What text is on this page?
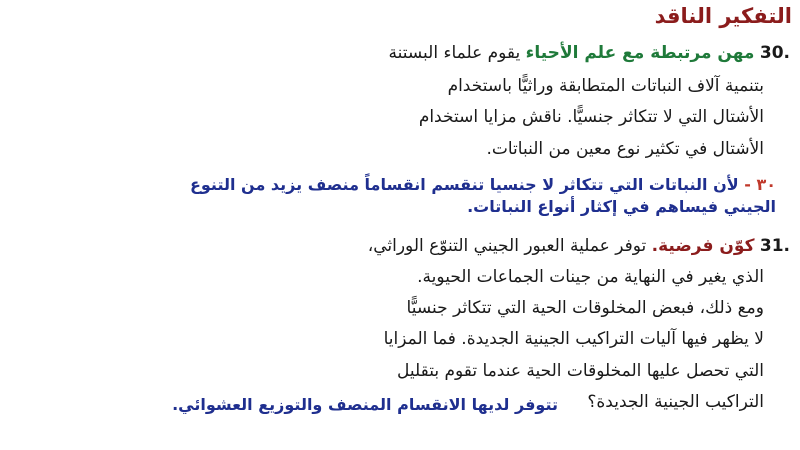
التفكير الناقد
30. مهن مرتبطة مع علم الأحياء يقوم علماء البستنة
بتنمية آلاف النباتات المتطابقة وراثيًّا باستخدام
الأشتال التي لا تتكاثر جنسيًّا. ناقش مزايا استخدام
الأشتال في تكثير نوع معين من النباتات.
٣٠ - لأن النباتات التي تتكاثر لا جنسيا تنقسم انقساماً منصف يزيد من التنوع
الجيني فيساهم في إكثار أنواع النباتات.
31. كوّن فرضية. توفر عملية العبور الجيني التنوّع الوراثي،
الذي يغير في النهاية من جينات الجماعات الحيوية.
ومع ذلك، فبعض المخلوقات الحية التي تتكاثر جنسيًّا
لا يظهر فيها آليات التراكيب الجينية الجديدة. فما المزايا
التي تحصل عليها المخلوقات الحية عندما تقوم بتقليل
التراكيب الجينية الجديدة؟
تتوفر لديها الانقسام المنصف والتوزيع العشوائي.
